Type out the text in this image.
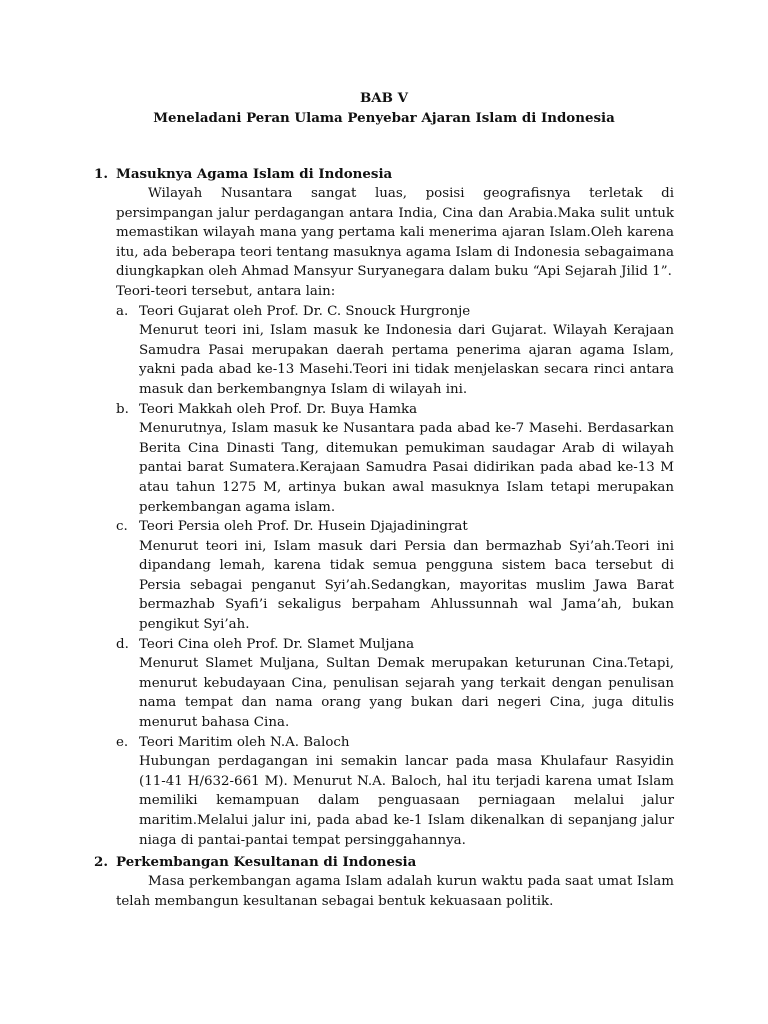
BAB V
Meneladani Peran Ulama Penyebar Ajaran Islam di Indonesia
1. Masuknya Agama Islam di Indonesia

Wilayah Nusantara sangat luas, posisi geografisnya terletak di persimpangan jalur perdagangan antara India, Cina dan Arabia.Maka sulit untuk memastikan wilayah mana yang pertama kali menerima ajaran Islam.Oleh karena itu, ada beberapa teori tentang masuknya agama Islam di Indonesia sebagaimana diungkapkan oleh Ahmad Mansyur Suryanegara dalam buku “Api Sejarah Jilid 1”.

Teori-teori tersebut, antara lain:

a. Teori Gujarat oleh Prof. Dr. C. Snouck Hurgronje
Menurut teori ini, Islam masuk ke Indonesia dari Gujarat. Wilayah Kerajaan Samudra Pasai merupakan daerah pertama penerima ajaran agama Islam, yakni pada abad ke-13 Masehi.Teori ini tidak menjelaskan secara rinci antara masuk dan berkembangnya Islam di wilayah ini.
b. Teori Makkah oleh Prof. Dr. Buya Hamka
Menurutnya, Islam masuk ke Nusantara pada abad ke-7 Masehi. Berdasarkan Berita Cina Dinasti Tang, ditemukan pemukiman saudagar Arab di wilayah pantai barat Sumatera.Kerajaan Samudra Pasai didirikan pada abad ke-13 M atau tahun 1275 M, artinya bukan awal masuknya Islam tetapi merupakan perkembangan agama islam.
c. Teori Persia oleh Prof. Dr. Husein Djajadiningrat
Menurut teori ini, Islam masuk dari Persia dan bermazhab Syi’ah.Teori ini dipandang lemah, karena tidak semua pengguna sistem baca tersebut di Persia sebagai penganut Syi’ah.Sedangkan, mayoritas muslim Jawa Barat bermazhab Syafi’i sekaligus berpaham Ahlussunnah wal Jama’ah, bukan pengikut Syi’ah.
d. Teori Cina oleh Prof. Dr. Slamet Muljana
Menurut Slamet Muljana, Sultan Demak merupakan keturunan Cina.Tetapi, menurut kebudayaan Cina, penulisan sejarah yang terkait dengan penulisan nama tempat dan nama orang yang bukan dari negeri Cina, juga ditulis menurut bahasa Cina.
e. Teori Maritim oleh N.A. Baloch
Hubungan perdagangan ini semakin lancar pada masa Khulafaur Rasyidin (11-41 H/632-661 M). Menurut N.A. Baloch, hal itu terjadi karena umat Islam memiliki kemampuan dalam penguasaan perniagaan melalui jalur maritim.Melalui jalur ini, pada abad ke-1 Islam dikenalkan di sepanjang jalur niaga di pantai-pantai tempat persinggahannya.
2. Perkembangan Kesultanan di Indonesia

Masa perkembangan agama Islam adalah kurun waktu pada saat umat Islam telah membangun kesultanan sebagai bentuk kekuasaan politik.
